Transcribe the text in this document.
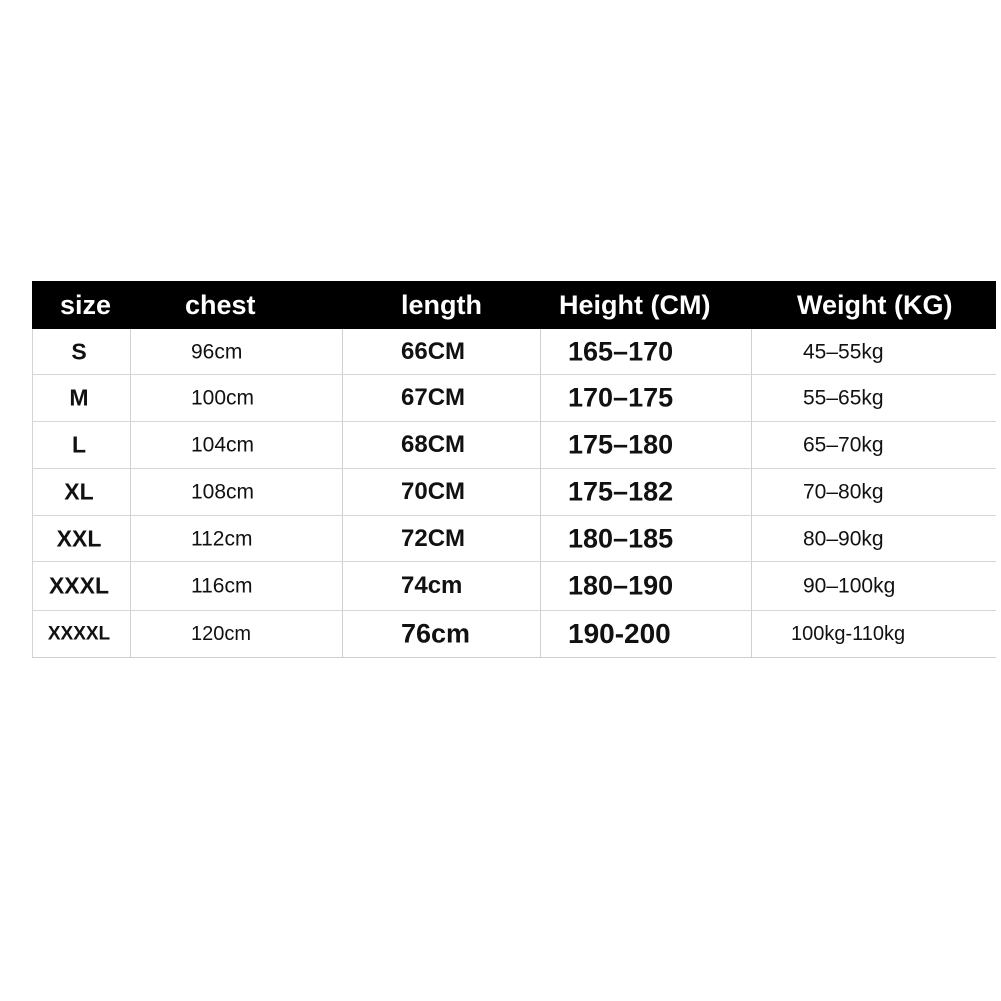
size	chest	length	Height (CM)	Weight (KG)
S	96cm	66CM	165–170	45–55kg
M	100cm	67CM	170–175	55–65kg
L	104cm	68CM	175–180	65–70kg
XL	108cm	70CM	175–182	70–80kg
XXL	112cm	72CM	180–185	80–90kg
XXXL	116cm	74cm	180–190	90–100kg
XXXXL	120cm	76cm	190-200	100kg-110kg
